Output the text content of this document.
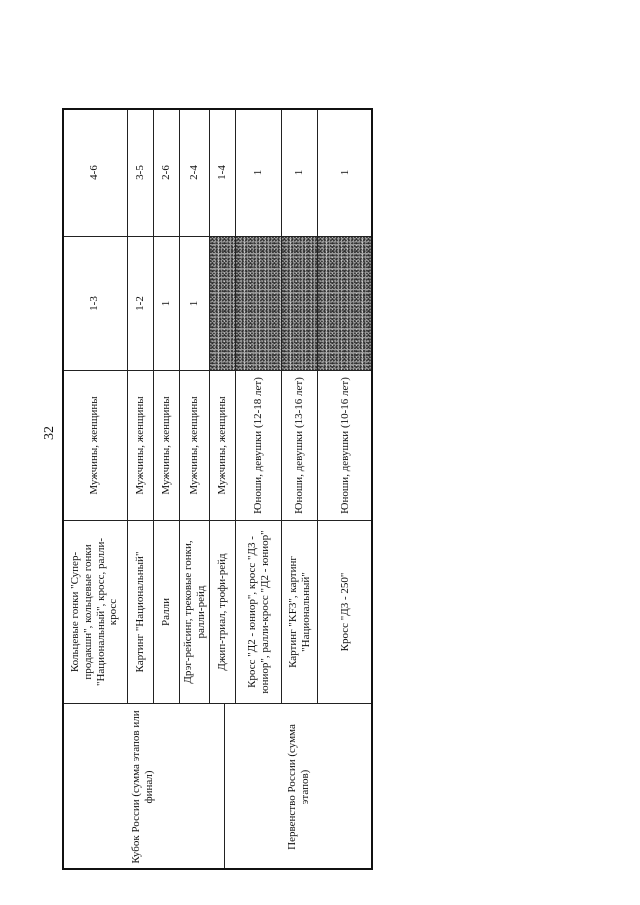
32
Кубок России (сумма этапов или финал)	Первенство России (сумма этапов)
Кольцевые гонки "Супер-продакшн", кольцевые гонки "Национальный", кросс, ралли-кросс
Мужчины, женщины
1-3
4-6
Картинг "Национальный"
Мужчины, женщины
1-2
3-5
Ралли
Мужчины, женщины
1
2-6
Дрэг-рейсинг, трековые гонки, ралли-рейд
Мужчины, женщины
1
2-4
Джип-триал, трофи-рейд
Мужчины, женщины
1-4
Кросс "Д2 - юниор", кросс "Д3 - юниор", ралли-кросс "Д2 - юниор"
Юноши, девушки (12-18 лет)
1
Картинг "KF3", картинг "Национальный"
Юноши, девушки (13-16 лет)
1
Кросс "Д3 - 250"
Юноши, девушки (10-16 лет)
1
